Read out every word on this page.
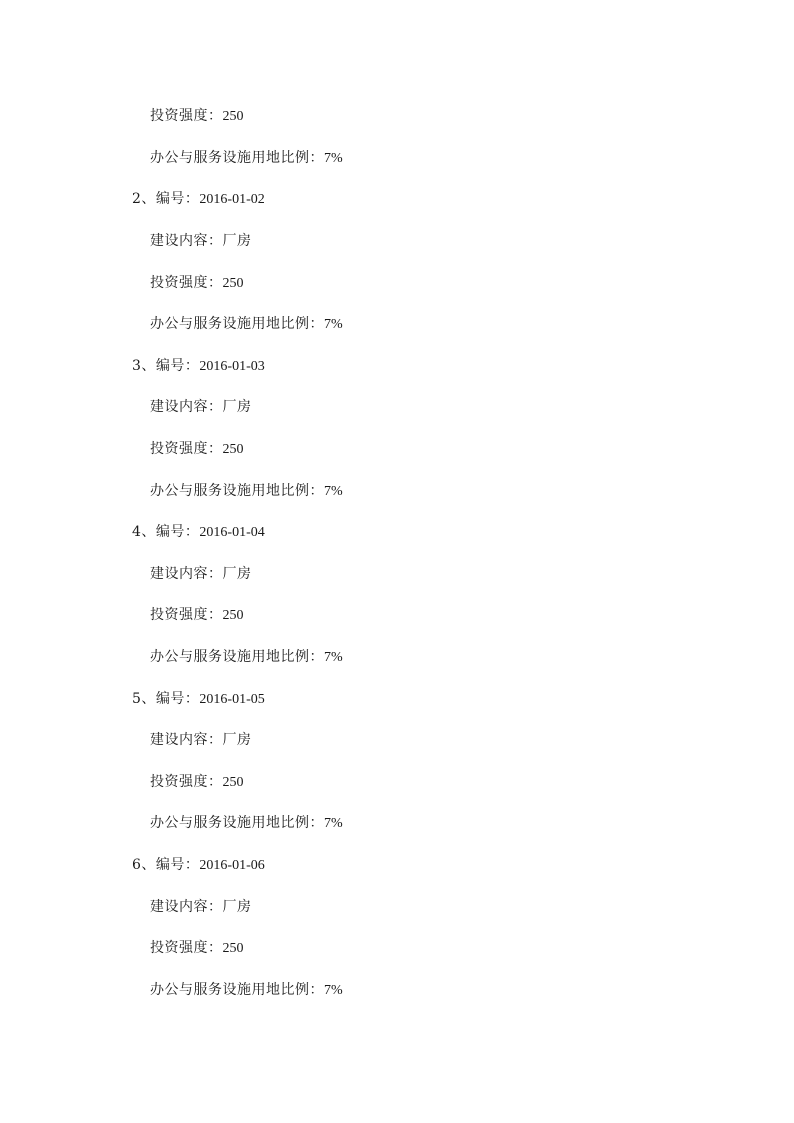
投资强度：250
办公与服务设施用地比例：7%
2、编号：2016-01-02
建设内容：厂房
投资强度：250
办公与服务设施用地比例：7%
3、编号：2016-01-03
建设内容：厂房
投资强度：250
办公与服务设施用地比例：7%
4、编号：2016-01-04
建设内容：厂房
投资强度：250
办公与服务设施用地比例：7%
5、编号：2016-01-05
建设内容：厂房
投资强度：250
办公与服务设施用地比例：7%
6、编号：2016-01-06
建设内容：厂房
投资强度：250
办公与服务设施用地比例：7%
